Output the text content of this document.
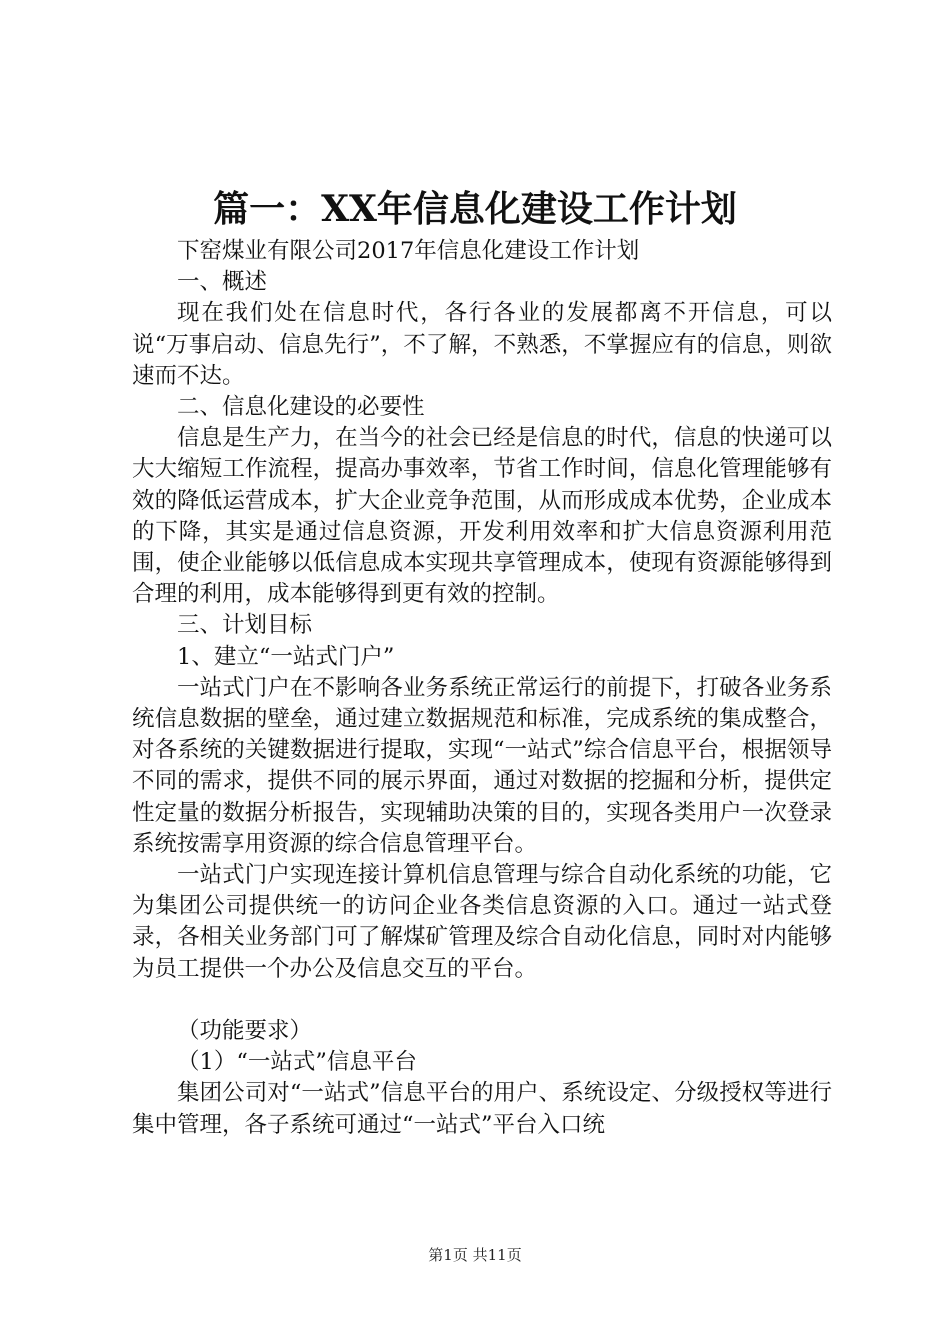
篇一：XX年信息化建设工作计划

下窑煤业有限公司2017年信息化建设工作计划

一、概述

现在我们处在信息时代，各行各业的发展都离不开信息，可以说“万事启动、信息先行”，不了解，不熟悉，不掌握应有的信息，则欲速而不达。

二、信息化建设的必要性

信息是生产力，在当今的社会已经是信息的时代，信息的快递可以大大缩短工作流程，提高办事效率，节省工作时间，信息化管理能够有效的降低运营成本，扩大企业竞争范围，从而形成成本优势，企业成本的下降，其实是通过信息资源，开发利用效率和扩大信息资源利用范围，使企业能够以低信息成本实现共享管理成本，使现有资源能够得到合理的利用，成本能够得到更有效的控制。

三、计划目标

1、建立“一站式门户”

一站式门户在不影响各业务系统正常运行的前提下，打破各业务系统信息数据的壁垒，通过建立数据规范和标准，完成系统的集成整合，对各系统的关键数据进行提取，实现“一站式”综合信息平台，根据领导不同的需求，提供不同的展示界面，通过对数据的挖掘和分析，提供定性定量的数据分析报告，实现辅助决策的目的，实现各类用户一次登录系统按需享用资源的综合信息管理平台。

一站式门户实现连接计算机信息管理与综合自动化系统的功能，它为集团公司提供统一的访问企业各类信息资源的入口。通过一站式登录，各相关业务部门可了解煤矿管理及综合自动化信息，同时对内能够为员工提供一个办公及信息交互的平台。

（功能要求）

（1）“一站式”信息平台

集团公司对“一站式”信息平台的用户、系统设定、分级授权等进行集中管理，各子系统可通过“一站式”平台入口统

第1页 共11页
